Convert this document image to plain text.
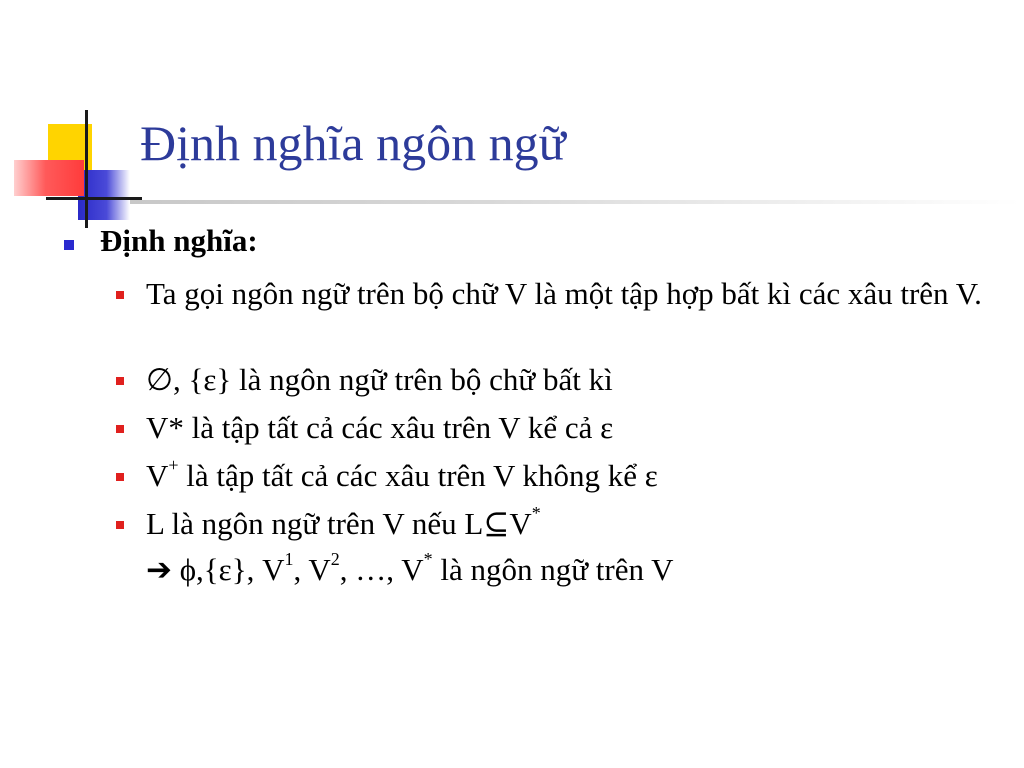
Định nghĩa ngôn ngữ
Định nghĩa:
Ta gọi ngôn ngữ trên bộ chữ V là một tập hợp bất kì các xâu trên V.
∅, {ε} là ngôn ngữ trên bộ chữ bất kì
V* là tập tất cả các xâu trên V kể cả ε
V+ là tập tất cả các xâu trên V không kể ε
L là ngôn ngữ trên V nếu L⊆V*
➔ ϕ,{ε}, $V^1$, $V^2$, …, V* là ngôn ngữ trên V
